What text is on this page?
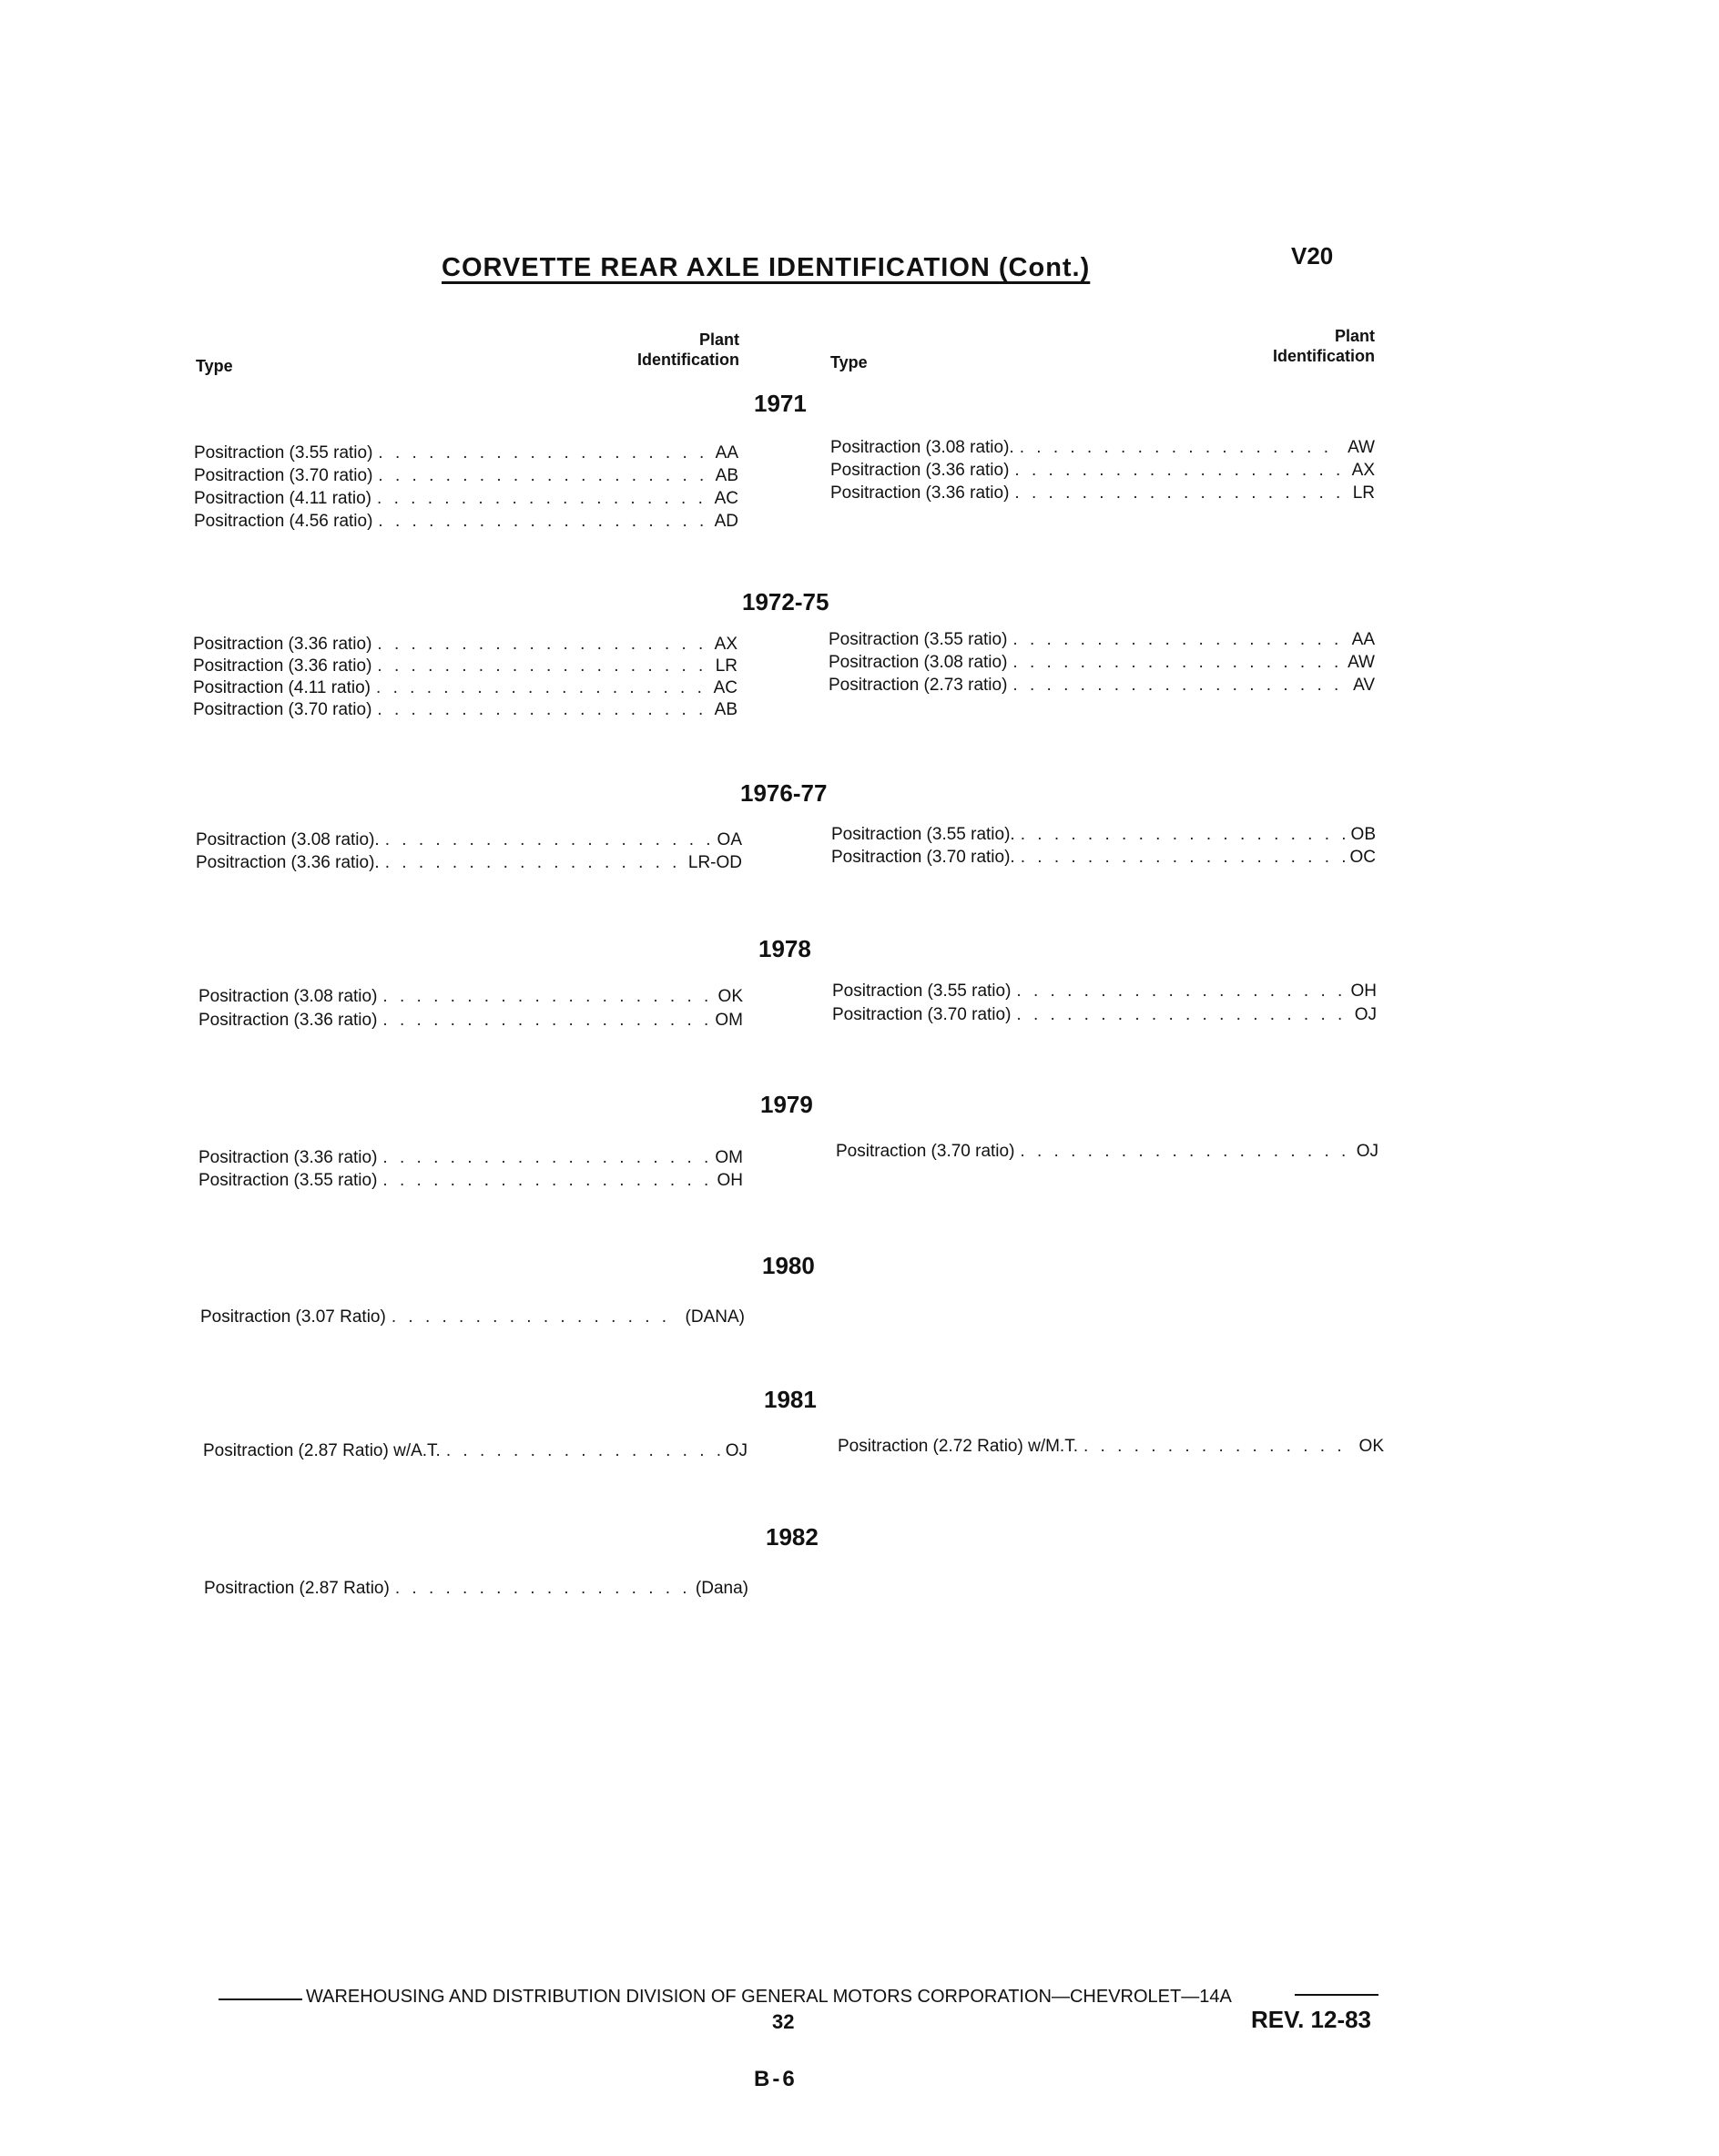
CORVETTE REAR AXLE IDENTIFICATION (Cont.)	V20
Type
Plant
Identification	Type
Plant
Identification
1971
Positraction (3.55 ratio) . . .	AA
Positraction (3.70 ratio) . . .	AB
Positraction (4.11 ratio) . . .	AC
Positraction (4.56 ratio) . . .	AD
Positraction (3.08 ratio). . . .	AW
Positraction (3.36 ratio) . . .	AX
Positraction (3.36 ratio) . . .	LR
1972-75
Positraction (3.36 ratio) . . .	AX
Positraction (3.36 ratio) . . .	LR
Positraction (4.11 ratio) . . .	AC
Positraction (3.70 ratio) . . .	AB
Positraction (3.55 ratio) . . .	AA
Positraction (3.08 ratio) . . .	AW
Positraction (2.73 ratio) . . .	AV
1976-77
Positraction (3.08 ratio). . . .	OA
Positraction (3.36 ratio). . . .	LR-OD
Positraction (3.55 ratio). . . .	OB
Positraction (3.70 ratio). . . .	OC
1978
Positraction (3.08 ratio) . . .	OK
Positraction (3.36 ratio) . . .	OM
Positraction (3.55 ratio) . . .	OH
Positraction (3.70 ratio) . . .	OJ
1979
Positraction (3.36 ratio) . . .	OM
Positraction (3.55 ratio) . . .	OH
Positraction (3.70 ratio) . . .	OJ
1980
Positraction (3.07 Ratio) . . .	(DANA)
1981
Positraction (2.87 Ratio) w/A.T. . . .	OJ	Positraction (2.72 Ratio) w/M.T. . . .	OK
1982
Positraction (2.87 Ratio) . . .	(Dana)
WAREHOUSING AND DISTRIBUTION DIVISION OF GENERAL MOTORS CORPORATION—CHEVROLET—14A
32	REV. 12-83
B-6
